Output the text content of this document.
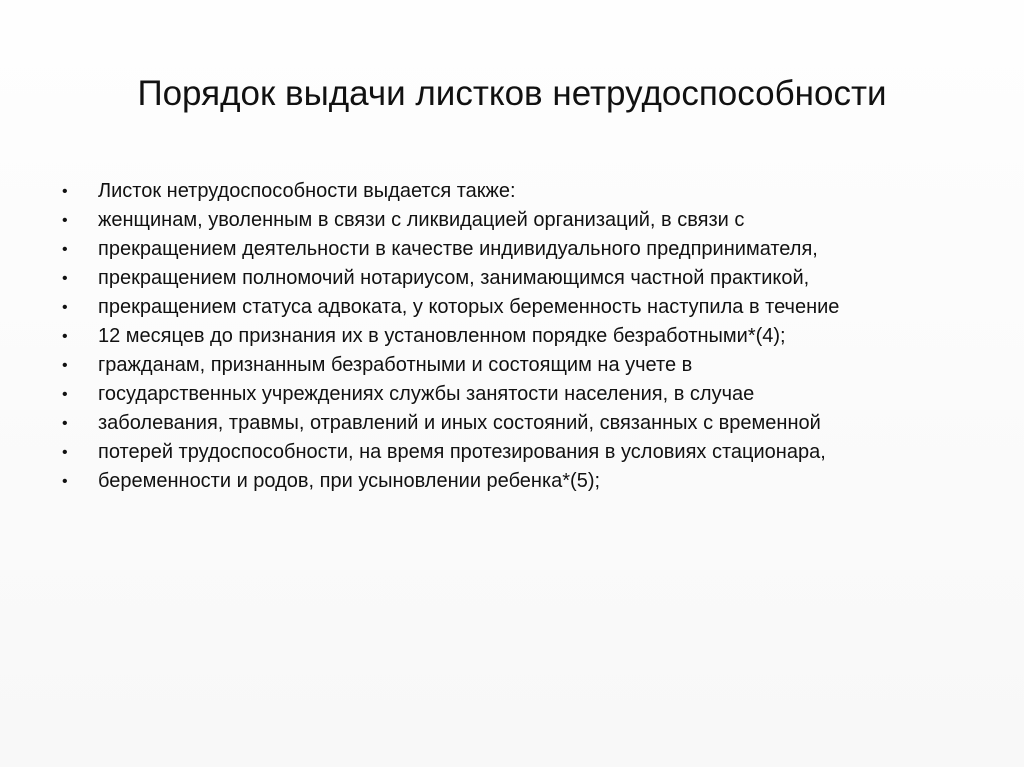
Порядок выдачи листков нетрудоспособности

•

	Листок нетрудоспособности выдается также:

•

	женщинам, уволенным в связи с ликвидацией организаций, в связи с

•

	прекращением деятельности в качестве индивидуального предпринимателя,

•

	прекращением полномочий нотариусом, занимающимся частной практикой,

•

	прекращением статуса адвоката, у которых беременность наступила в течение

•

	12 месяцев до признания их в установленном порядке безработными*(4);

•

	гражданам, признанным безработными и состоящим на учете в

•

	государственных учреждениях службы занятости населения, в случае

•

	заболевания, травмы, отравлений и иных состояний, связанных с временной

•

	потерей трудоспособности, на время протезирования в условиях стационара,

•

	беременности и родов, при усыновлении ребенка*(5);
